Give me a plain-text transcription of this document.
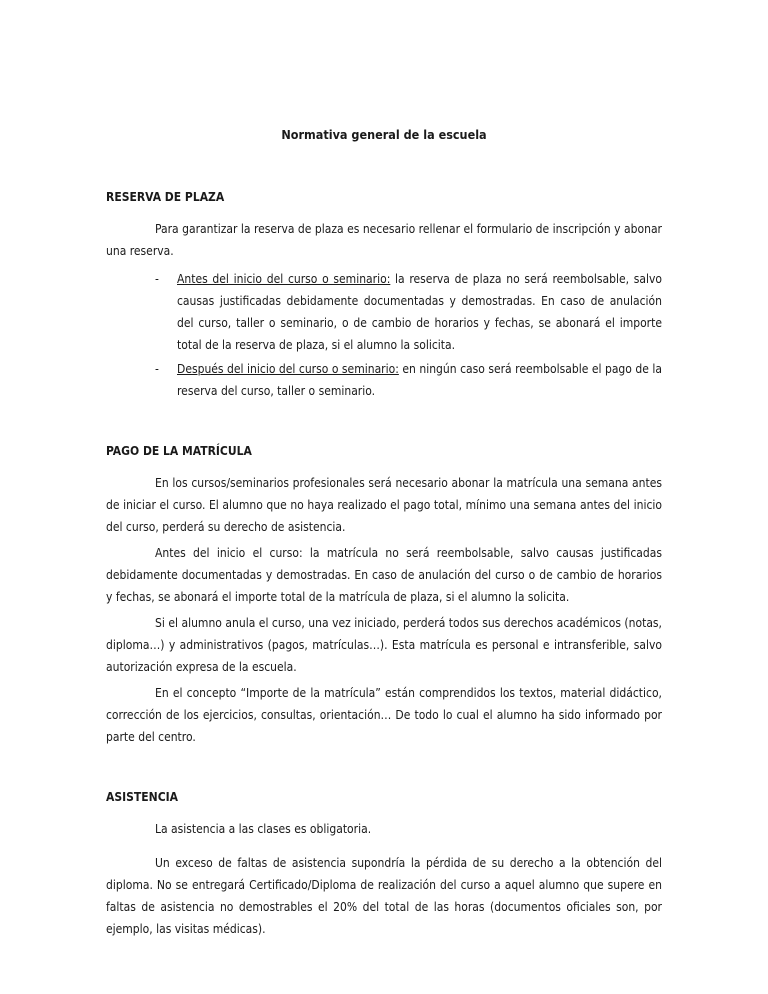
Normativa general de la escuela
RESERVA DE PLAZA

Para garantizar la reserva de plaza es necesario rellenar el formulario de inscripción y abonar una reserva.

- Antes del inicio del curso o seminario: la reserva de plaza no será reembolsable, salvo causas justificadas debidamente documentadas y demostradas. En caso de anulación del curso, taller o seminario, o de cambio de horarios y fechas, se abonará el importe total de la reserva de plaza, si el alumno la solicita.
- Después del inicio del curso o seminario: en ningún caso será reembolsable el pago de la reserva del curso, taller o seminario.
PAGO DE LA MATRÍCULA

En los cursos/seminarios profesionales será necesario abonar la matrícula una semana antes de iniciar el curso. El alumno que no haya realizado el pago total, mínimo una semana antes del inicio del curso, perderá su derecho de asistencia.

Antes del inicio el curso: la matrícula no será reembolsable, salvo causas justificadas debidamente documentadas y demostradas. En caso de anulación del curso o de cambio de horarios y fechas, se abonará el importe total de la matrícula de plaza, si el alumno la solicita.

Si el alumno anula el curso, una vez iniciado, perderá todos sus derechos académicos (notas, diploma…) y administrativos (pagos, matrículas…). Esta matrícula es personal e intransferible, salvo autorización expresa de la escuela.

En el concepto “Importe de la matrícula” están comprendidos los textos, material didáctico, corrección de los ejercicios, consultas, orientación… De todo lo cual el alumno ha sido informado por parte del centro.

ASISTENCIA

La asistencia a las clases es obligatoria.

Un exceso de faltas de asistencia supondría la pérdida de su derecho a la obtención del diploma. No se entregará Certificado/Diploma de realización del curso a aquel alumno que supere en faltas de asistencia no demostrables el 20% del total de las horas (documentos oficiales son, por ejemplo, las visitas médicas).
